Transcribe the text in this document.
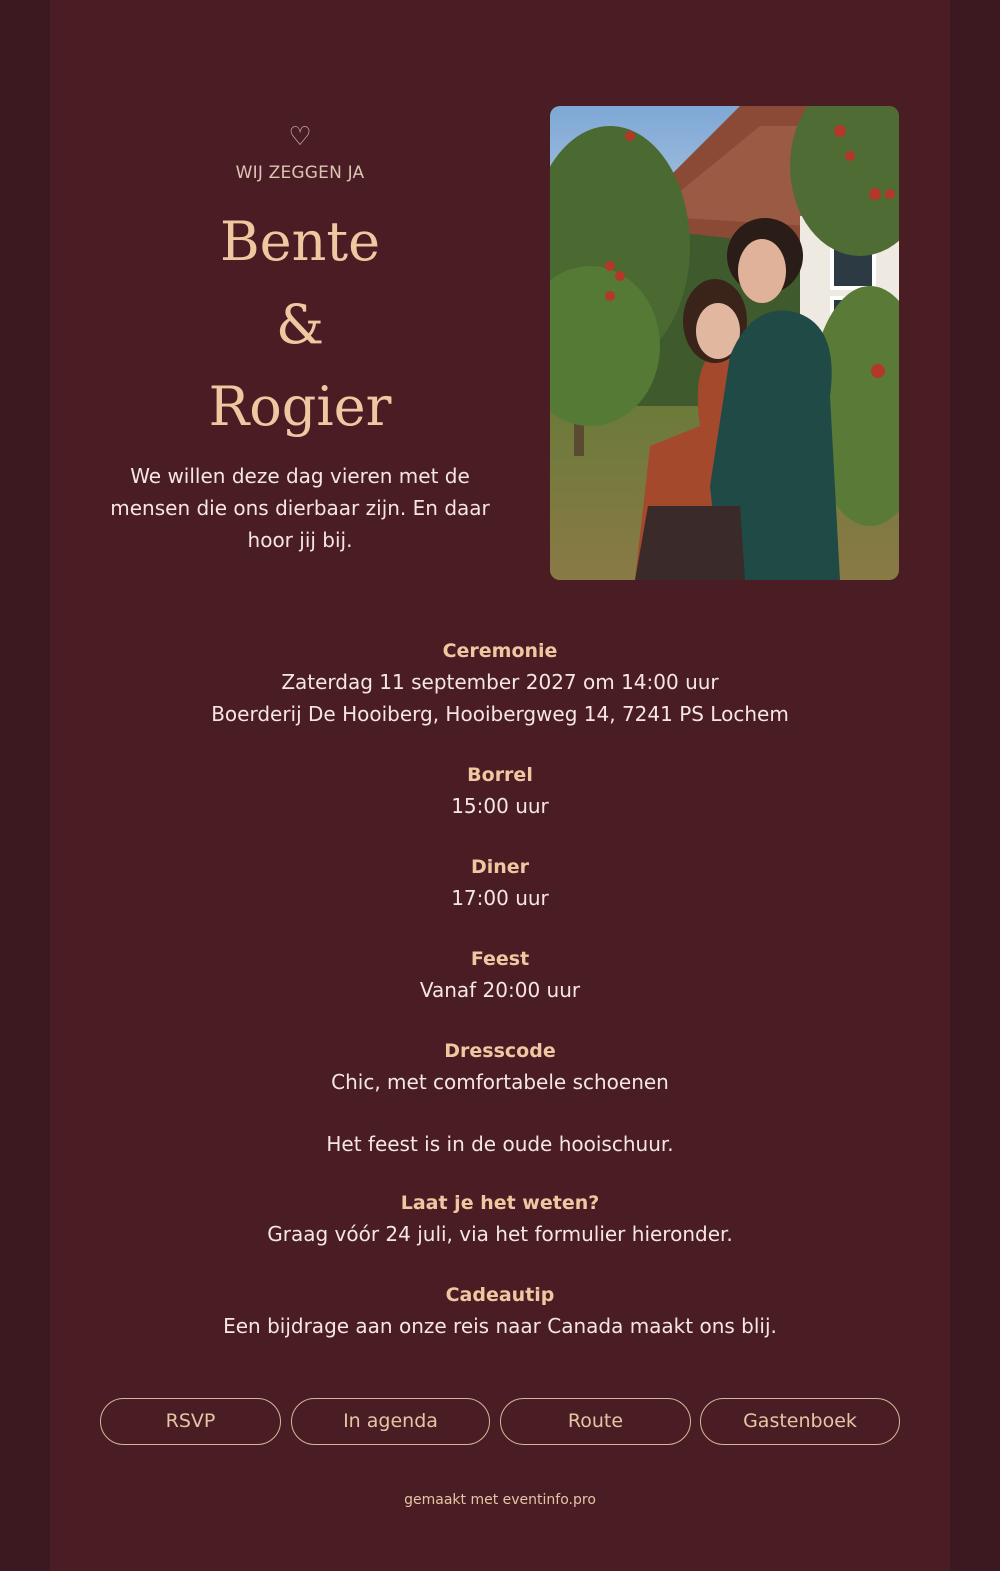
♡
WIJ ZEGGEN JA
Bente
&
Rogier
We willen deze dag vieren met de mensen die ons dierbaar zijn. En daar hoor jij bij.
Ceremonie
Zaterdag 11 september 2027 om 14:00 uur
Boerderij De Hooiberg, Hooibergweg 14, 7241 PS Lochem
Borrel
15:00 uur
Diner
17:00 uur
Feest
Vanaf 20:00 uur
Dresscode
Chic, met comfortabele schoenen
Het feest is in de oude hooischuur.
Laat je het weten?
Graag vóór 24 juli, via het formulier hieronder.
Cadeautip
Een bijdrage aan onze reis naar Canada maakt ons blij.
RSVP	In agenda	Route	Gastenboek
gemaakt met eventinfo.pro
